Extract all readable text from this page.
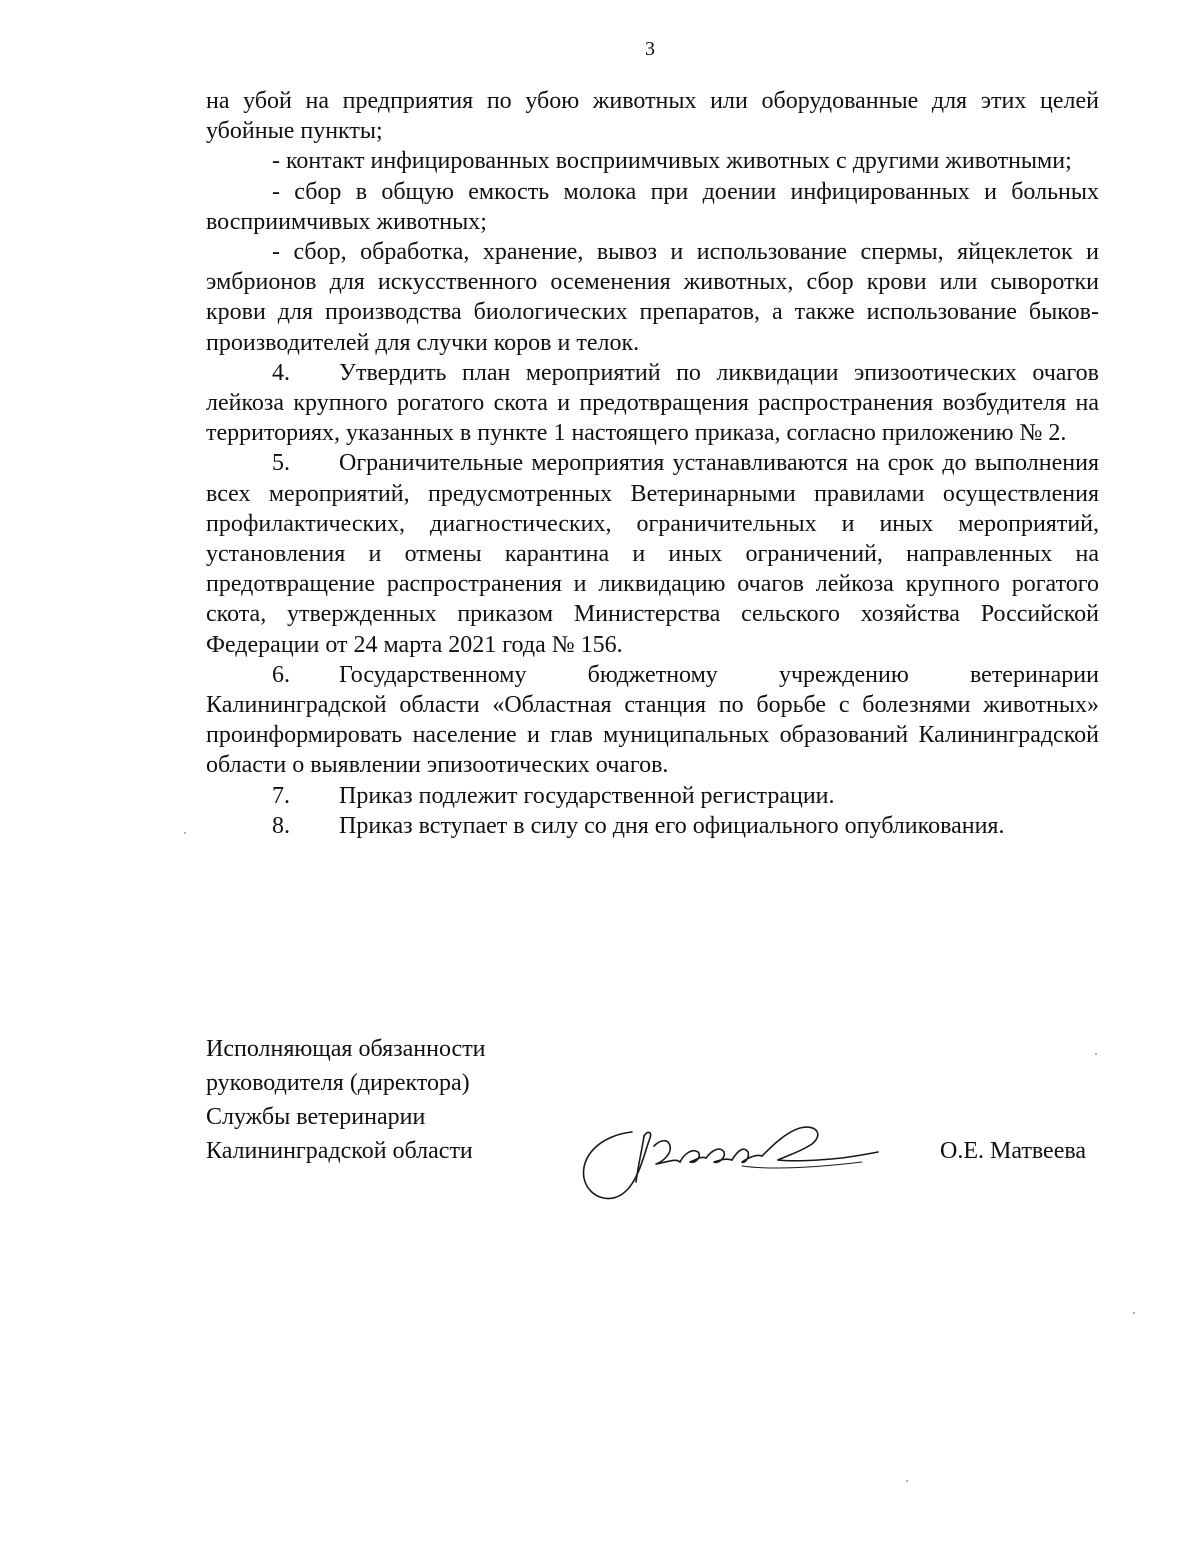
3

на убой на предприятия по убою животных или оборудованные для этих целей убойные пункты;

- контакт инфицированных восприимчивых животных с другими животными;

- сбор в общую емкость молока при доении инфицированных и больных восприимчивых животных;

- сбор, обработка, хранение, вывоз и использование спермы, яйцеклеток и эмбрионов для искусственного осеменения животных, сбор крови или сыворотки крови для производства биологических препаратов, а также использование быков-производителей для случки коров и телок.

4. Утвердить план мероприятий по ликвидации эпизоотических очагов лейкоза крупного рогатого скота и предотвращения распространения возбудителя на территориях, указанных в пункте 1 настоящего приказа, согласно приложению № 2.

5. Ограничительные мероприятия устанавливаются на срок до выполнения всех мероприятий, предусмотренных Ветеринарными правилами осуществления профилактических, диагностических, ограничительных и иных мероприятий, установления и отмены карантина и иных ограничений, направленных на предотвращение распространения и ликвидацию очагов лейкоза крупного рогатого скота, утвержденных приказом Министерства сельского хозяйства Российской Федерации от 24 марта 2021 года № 156.

6. Государственному бюджетному учреждению ветеринарии Калининградской области «Областная станция по борьбе с болезнями животных» проинформировать население и глав муниципальных образований Калининградской области о выявлении эпизоотических очагов.

7. Приказ подлежит государственной регистрации.

8. Приказ вступает в силу со дня его официального опубликования.

Исполняющая обязанности
руководителя (директора)
Службы ветеринарии
Калининградской области	О.Е. Матвеева
